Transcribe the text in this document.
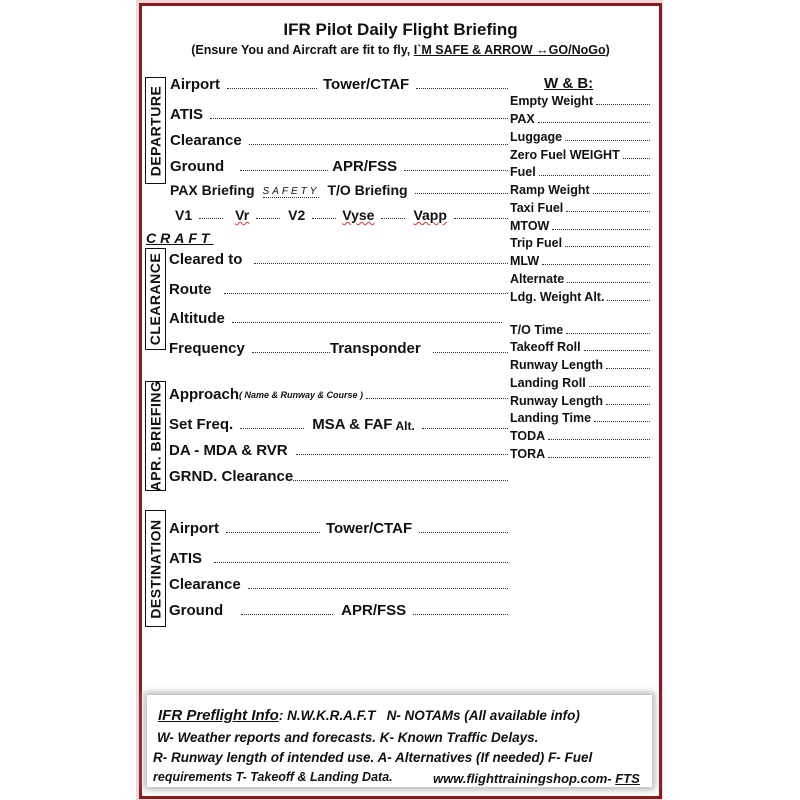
IFR Pilot Daily Flight Briefing
(Ensure You and Aircraft are fit to fly, I`M SAFE & ARROW ↔GO/NoGo)
DEPARTURE
Airport	Tower/CTAF
ATIS
Clearance
Ground	APR/FSS
PAX Briefing SAFETY T/O Briefing
V1	Vr	V2	Vyse	Vapp
CRAFT
CLEARANCE Cleared to
Route
Altitude
Frequency	Transponder
APR. BRIEFING Approach ( Name & Runway & Course )
Set Freq.	MSA & FAF Alt.
DA - MDA & RVR
GRND. Clearance
DESTINATION Airport	Tower/CTAF
ATIS
Clearance
Ground	APR/FSS
W & B:
Empty Weight
PAX
Luggage
Zero Fuel WEIGHT
Fuel
Ramp Weight
Taxi Fuel
MTOW
Trip Fuel
MLW
Alternate
Ldg. Weight Alt.
T/O Time
Takeoff Roll
Runway Length
Landing Roll
Runway Length
Landing Time
TODA
TORA
IFR Preflight Info: N.W.K.R.A.F.T   N- NOTAMs (All available info)
W- Weather reports and forecasts. K- Known Traffic Delays.
R- Runway length of intended use. A- Alternatives (If needed) F- Fuel
requirements T- Takeoff & Landing Data.	www.flighttrainingshop.com- FTS
